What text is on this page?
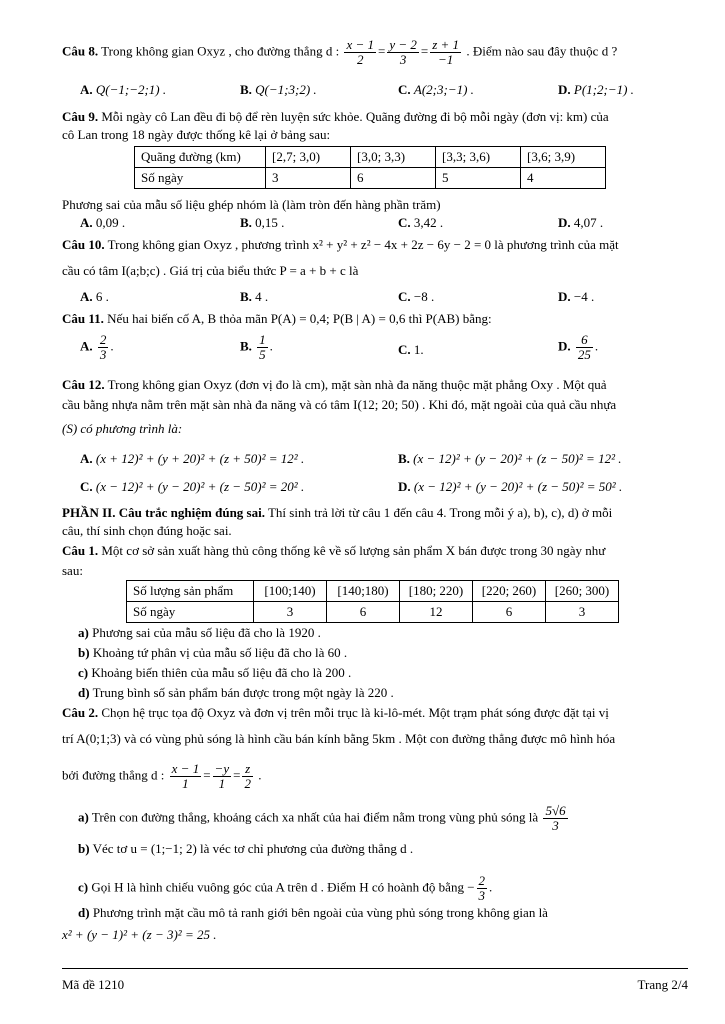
Câu 8. Trong không gian Oxyz , cho đường thẳng d : $\frac{x - 1}{2} = \frac{y - 2}{3} = \frac{z + 1}{-1}$ . Điểm nào sau đây thuộc d ?
A. Q(−1;−2;1) .	B. Q(−1;3;2) .	C. A(2;3;−1) .	D. P(1;2;−1) .
Câu 9. Mỗi ngày cô Lan đều đi bộ để rèn luyện sức khỏe. Quãng đường đi bộ mỗi ngày (đơn vị: km) của
cô Lan trong 18 ngày được thống kê lại ở bảng sau:
Quãng đường (km)	[2,7; 3,0)	[3,0; 3,3)	[3,3; 3,6)	[3,6; 3,9)
Số ngày	3	6	5	4
Phương sai của mẫu số liệu ghép nhóm là (làm tròn đến hàng phần trăm)
A. 0,09 .	B. 0,15 .	C. 3,42 .	D. 4,07 .
Câu 10. Trong không gian Oxyz , phương trình x² + y² + z² − 4x + 2z − 6y − 2 = 0 là phương trình của mặt
cầu có tâm I(a;b;c) . Giá trị của biểu thức P = a + b + c là
A. 6 .	B. 4 .	C. −8 .	D. −4 .
Câu 11. Nếu hai biến cố A, B thỏa mãn P(A) = 0,4; P(B | A) = 0,6 thì P(AB) bằng:
A. $\frac{2}{3}$ .	B. $\frac{1}{5}$ .	C. 1.	D. $\frac{6}{25}$ .
Câu 12. Trong không gian Oxyz (đơn vị đo là cm), mặt sàn nhà đa năng thuộc mặt phẳng Oxy . Một quả
cầu bằng nhựa nằm trên mặt sàn nhà đa năng và có tâm I(12; 20; 50) . Khi đó, mặt ngoài của quả cầu nhựa
(S) có phương trình là:
A. (x + 12)² + (y + 20)² + (z + 50)² = 12² .	B. (x − 12)² + (y − 20)² + (z − 50)² = 12² .
C. (x − 12)² + (y − 20)² + (z − 50)² = 20² .	D. (x − 12)² + (y − 20)² + (z − 50)² = 50² .
PHẦN II. Câu trắc nghiệm đúng sai. Thí sinh trả lời từ câu 1 đến câu 4. Trong mỗi ý a), b), c), d) ở mỗi
câu, thí sinh chọn đúng hoặc sai.
Câu 1. Một cơ sở sản xuất hàng thủ công thống kê về số lượng sản phẩm X bán được trong 30 ngày như
sau:
Số lượng sản phẩm	[100;140)	[140;180)	[180; 220)	[220; 260)	[260; 300)
Số ngày	3	6	12	6	3
a) Phương sai của mẫu số liệu đã cho là 1920 .
b) Khoảng tứ phân vị của mẫu số liệu đã cho là 60 .
c) Khoảng biến thiên của mẫu số liệu đã cho là 200 .
d) Trung bình số sản phẩm bán được trong một ngày là 220 .
Câu 2. Chọn hệ trục tọa độ Oxyz và đơn vị trên mỗi trục là ki-lô-mét. Một trạm phát sóng được đặt tại vị
trí A(0;1;3) và có vùng phủ sóng là hình cầu bán kính bằng 5km . Một con đường thẳng được mô hình hóa
bởi đường thẳng d : $\frac{x - 1}{1} = \frac{-y}{1} = \frac{z}{2}$ .
a) Trên con đường thẳng, khoảng cách xa nhất của hai điểm nằm trong vùng phủ sóng là $\frac{5√6}{3}$
b) Véc tơ u = (1;−1; 2) là véc tơ chỉ phương của đường thẳng d .
c) Gọi H là hình chiếu vuông góc của A trên d . Điểm H có hoành độ bằng − $\frac{2}{3}$ .
d) Phương trình mặt cầu mô tả ranh giới bên ngoài của vùng phủ sóng trong không gian là
x² + (y − 1)² + (z − 3)² = 25 .
Mã đề 1210	Trang 2/4
